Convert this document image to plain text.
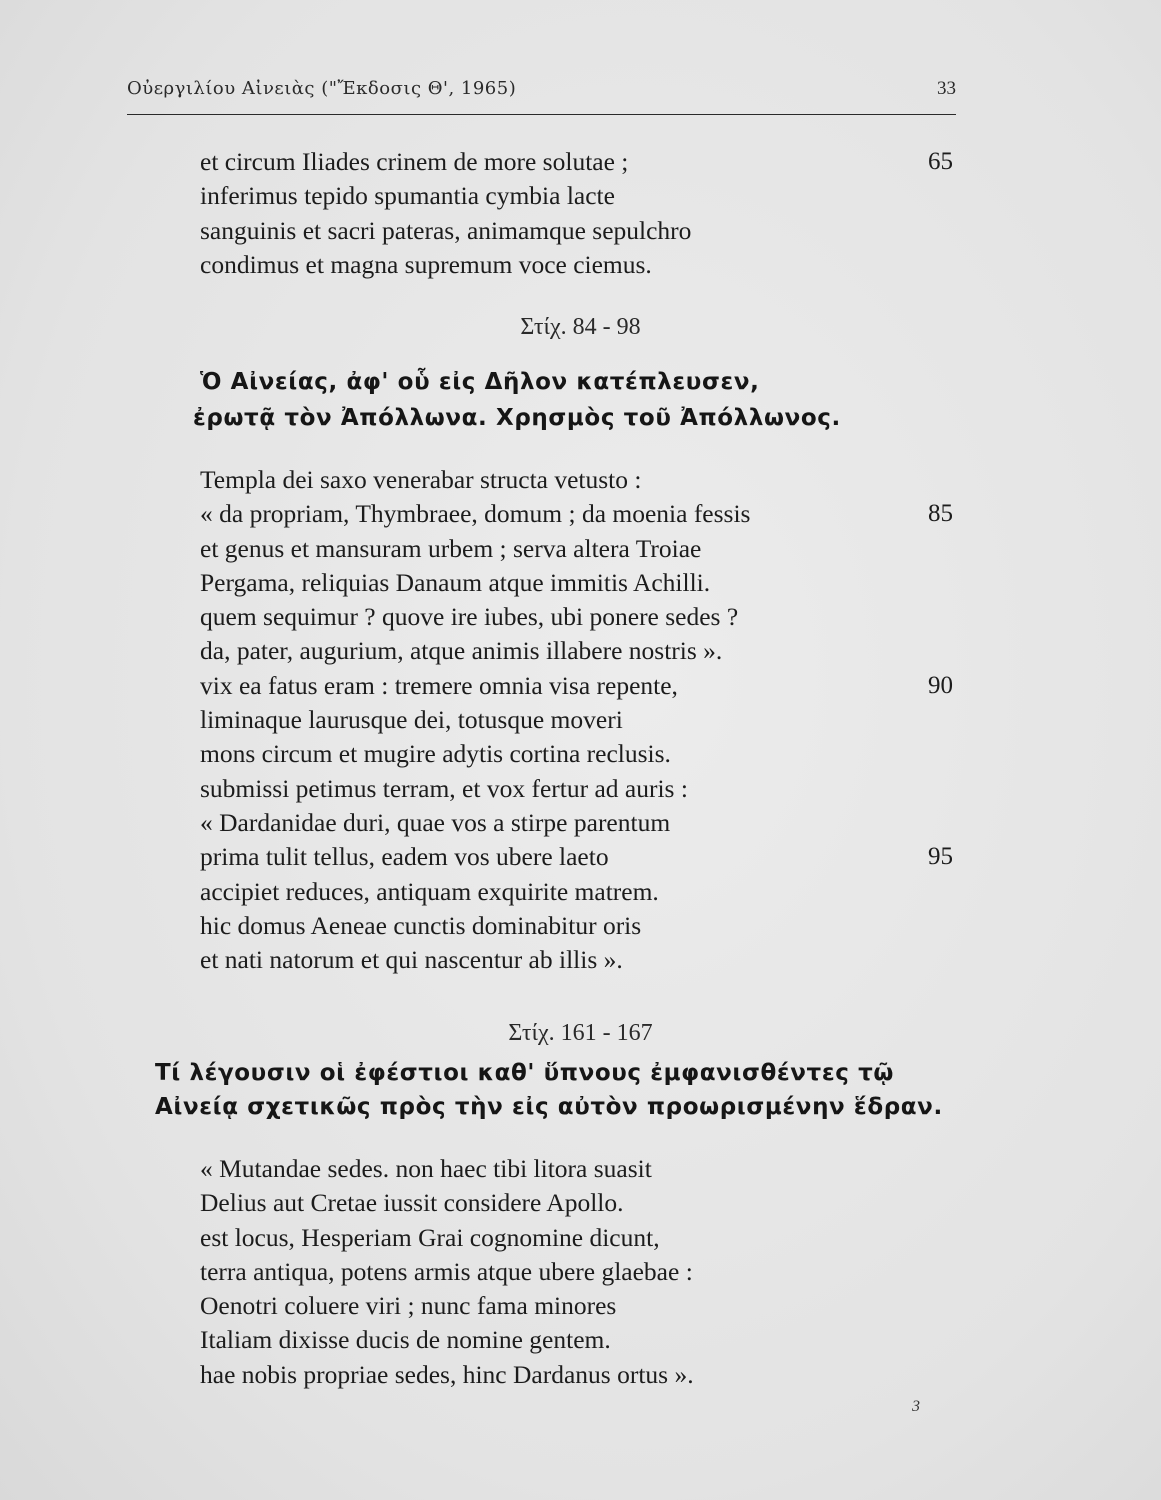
Οὐεργιλίου Αἰνειὰς ("Ἔκδοσις Θ', 1965)	33
et circum Iliades crinem de more solutae ;	65
inferimus tepido spumantia cymbia lacte
sanguinis et sacri pateras, animamque sepulchro
condimus et magna supremum voce ciemus.
Στίχ. 84 - 98
Ὁ Αἰνείας, ἀφ' οὗ εἰς Δῆλον κατέπλευσεν,
ἐρωτᾷ τὸν Ἀπόλλωνα. Χρησμὸς τοῦ Ἀπόλλωνος.
Templa dei saxo venerabar structa vetusto :
« da propriam, Thymbraee, domum ; da moenia fessis	85
et genus et mansuram urbem ; serva altera Troiae
Pergama, reliquias Danaum atque immitis Achilli.
quem sequimur ? quove ire iubes, ubi ponere sedes ?
da, pater, augurium, atque animis illabere nostris ».
vix ea fatus eram : tremere omnia visa repente,	90
liminaque laurusque dei, totusque moveri
mons circum et mugire adytis cortina reclusis.
submissi petimus terram, et vox fertur ad auris :
« Dardanidae duri, quae vos a stirpe parentum
prima tulit tellus, eadem vos ubere laeto	95
accipiet reduces, antiquam exquirite matrem.
hic domus Aeneae cunctis dominabitur oris
et nati natorum et qui nascentur ab illis ».
Στίχ. 161 - 167
Τί λέγουσιν οἱ ἐφέστιοι καθ' ὕπνους ἐμφανισθέντες τῷ
Αἰνείᾳ σχετικῶς πρὸς τὴν εἰς αὐτὸν προωρισμένην ἕδραν.
« Mutandae sedes. non haec tibi litora suasit
Delius aut Cretae iussit considere Apollo.
est locus, Hesperiam Grai cognomine dicunt,
terra antiqua, potens armis atque ubere glaebae :
Oenotri coluere viri ; nunc fama minores
Italiam dixisse ducis de nomine gentem.
hae nobis propriae sedes, hinc Dardanus ortus ».
3
